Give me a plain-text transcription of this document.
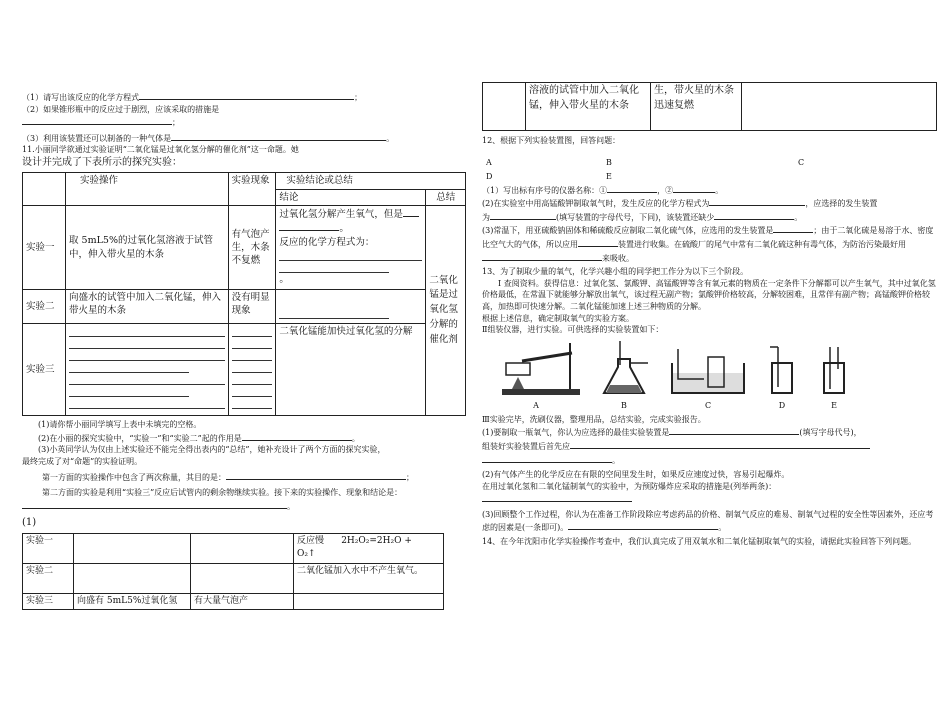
（1）请写出该反应的化学方程式	；

（2）如果锥形瓶中的反应过于剧烈，应该采取的措施是

；

（3）利用该装置还可以制备的一种气体是	。

11.小丽同学欲通过实验证明“二氧化锰是过氧化氢分解的催化剂”这一命题。她

设计并完成了下表所示的探究实验：

	实验操作	实验现象	实验结论或总结	
			结论	总结
实验一	取 5mL5%的过氧化氢溶液于试管中，伸入带火星的木条	有气泡产生，木条不复燃	过氧化氢分解产生氧气，但是
。
反应的化学方程式为：
。	二氧化锰是过氧化氢分解的催化剂
实验二	向盛水的试管中加入二氧化锰，伸入带火星的木条	没有明显现象		

实验三			二氧化锰能加快过氧化氢的分解	

(1)请你帮小丽同学填写上表中未填完的空格。

(2)在小丽的探究实验中，“实验一”和“实验二”起的作用是	。

(3)小英同学认为仅由上述实验还不能完全得出表内的“总结”，她补充设计了两个方面的探究实验，

最终完成了对“命题”的实验证明。

第一方面的实验操作中包含了两次称量，其目的是：	；

第二方面的实验是利用“实验三”反应后试管内的剩余物继续实验。接下来的实验操作、现象和结论是：

。

(1)

实验一			反应慢 2H₂O₂=2H₂O +
O₂↑
实验二			二氧化锰加入水中不产生氧气。
实验三	向盛有 5mL5%过氧化氢	有大量气泡产	
	溶液的试管中加入二氧化锰，伸入带火星的木条	生，带火星的木条迅速复燃	

12、根据下列实验装置图，回答问题：

A	B	C
D	E

（1）写出标有序号的仪器名称：①	，②	。

(2)在实验室中用高锰酸钾制取氧气时，发生反应的化学方程式为	，应选择的发生装置

为	(填写装置的字母代号，下同)，该装置还缺少	。

(3)常温下，用亚硫酸钠固体和稀硫酸反应制取二氧化硫气体，应选用的发生装置是	；由于二氧化硫是易溶于水、密度比空气大的气体，所以应用	装置进行收集。在硫酸厂的尾气中常有二氧化硫这种有毒气体，为防治污染最好用来吸收。

13、为了制取少量的氧气，化学兴趣小组的同学把工作分为以下三个阶段。

Ⅰ 查阅资料。获得信息：过氧化氢、氯酸钾、高锰酸钾等含有氧元素的物质在一定条件下分解都可以产生氧气，其中过氧化氢价格最低，在常温下就能够分解放出氧气，该过程无副产物；氯酸钾价格较高，分解较困难，且常伴有副产物；高锰酸钾价格较高，加热即可快速分解。二氧化锰能加速上述三种物质的分解。

根据上述信息，确定制取氧气的实验方案。

Ⅱ组装仪器，进行实验。可供选择的实验装置如下：

A	B	C	D	E

Ⅲ实验完毕，洗刷仪器，整理用品，总结实验，完成实验报告。

(1)要制取一瓶氧气，你认为应选择的最佳实验装置是	(填写字母代号)，

组装好实验装置后首先应

。

(2)有气体产生的化学反应在有限的空间里发生时，如果反应速度过快，容易引起爆炸。

在用过氧化氢和二氧化锰制氧气的实验中，为预防爆炸应采取的措施是(列举两条)：

(3)回顾整个工作过程，你认为在准备工作阶段除应考虑药品的价格、制氧气反应的难易、制氧气过程的安全性等因素外，还应考虑的因素是(一条即可)。	。

14、在今年沈阳市化学实验操作考查中，我们认真完成了用双氧水和二氧化锰制取氧气的实验，请据此实验回答下列问题。
